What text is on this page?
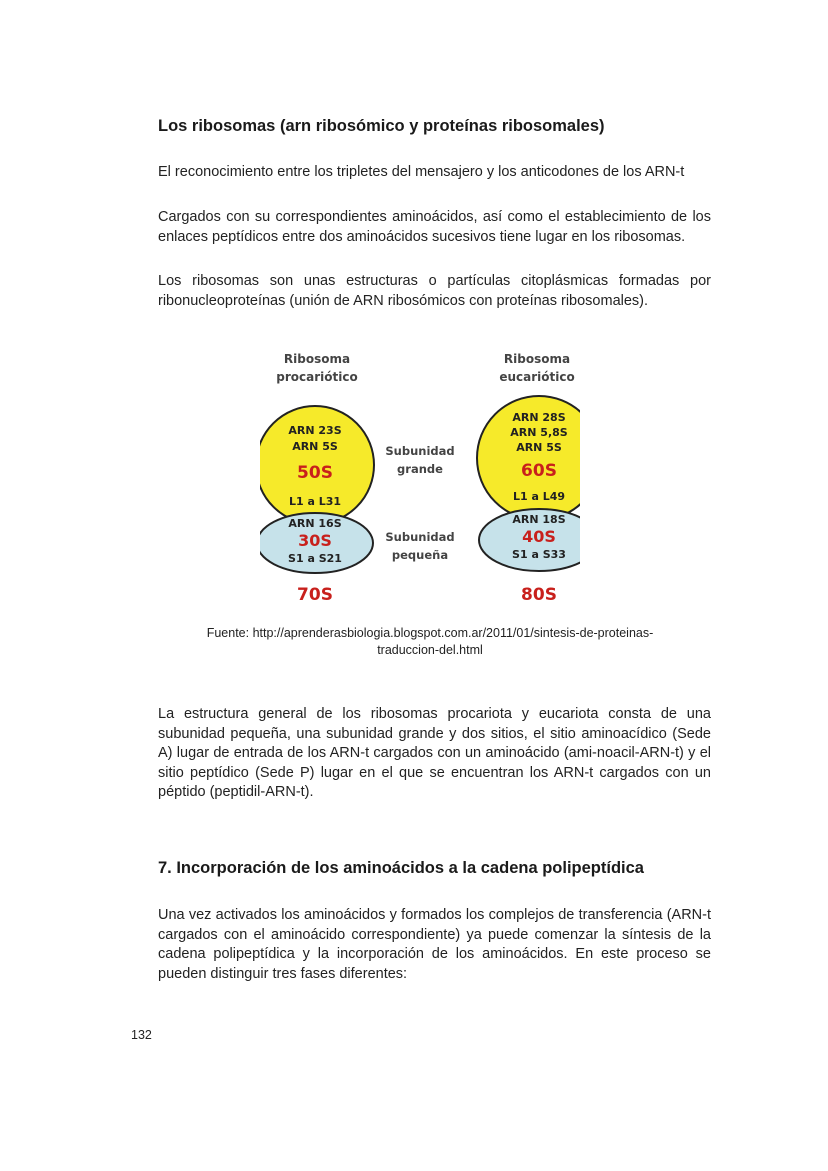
Los ribosomas (arn ribosómico y proteínas ribosomales)

El reconocimiento entre los tripletes del mensajero y los anticodones de los ARN-t

Cargados con su correspondientes aminoácidos, así como el establecimiento de los enlaces peptídicos entre dos aminoácidos sucesivos tiene lugar en los ribosomas.

Los ribosomas son unas estructuras o partículas citoplásmicas formadas por ribonucleoproteínas (unión de ARN ribosómicos con proteínas ribosomales).

Ribosoma
procariótico
ARN 23S
ARN 5S
50S
L1 a L31
ARN 16S
30S
S1 a S21
70S
Subunidad
grande
Subunidad
pequeña
Ribosoma
eucariótico
ARN 28S
ARN 5,8S
ARN 5S
60S
L1 a L49
ARN 18S
40S
S1 a S33
80S
Fuente: http://aprenderasbiologia.blogspot.com.ar/2011/01/sintesis-de-proteinas-
traduccion-del.html

La estructura general de los ribosomas procariota y eucariota consta de una subunidad pequeña, una subunidad grande y dos sitios, el sitio aminoacídico (Sede A) lugar de entrada de los ARN-t cargados con un aminoácido (ami-noacil-ARN-t) y el sitio peptídico (Sede P) lugar en el que se encuentran los ARN-t cargados con un péptido (peptidil-ARN-t).

7. Incorporación de los aminoácidos a la cadena polipeptídica

Una vez activados los aminoácidos y formados los complejos de transferencia (ARN-t cargados con el aminoácido correspondiente) ya puede comenzar la síntesis de la cadena polipeptídica y la incorporación de los aminoácidos. En este proceso se pueden distinguir tres fases diferentes:

132
